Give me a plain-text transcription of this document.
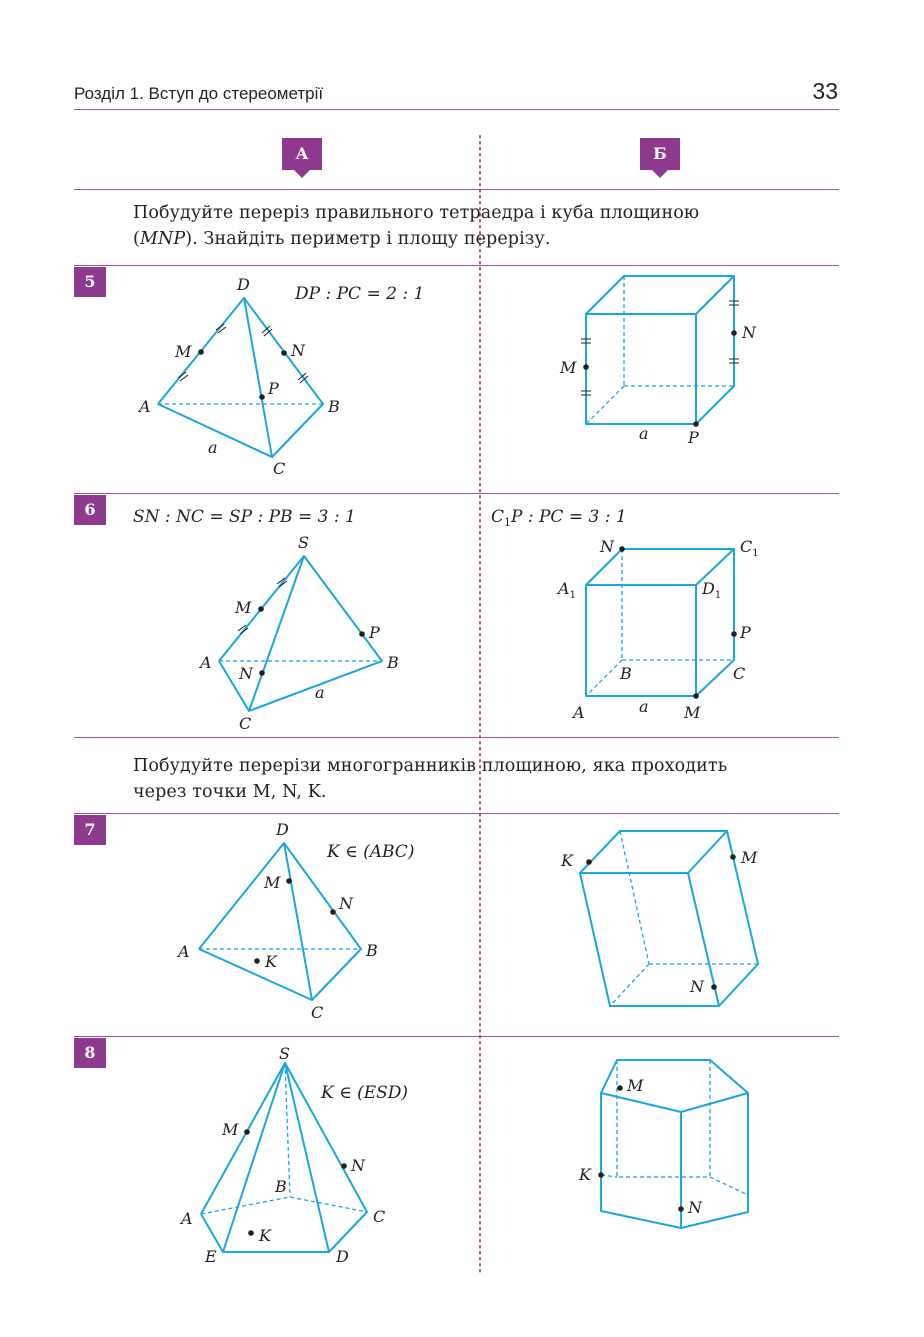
Розділ 1. Вступ до стереометрії	33
А	Б
Побудуйте переріз правильного тетраедра і куба площиною
(MNP). Знайдіть периметр і площу перерізу.
5
DP : PC = 2 : 1
D
M	N
P
A	B
C
a
M
N
P
a
6	SN : NC = SP : PB = 3 : 1	$C_1P$ : PC = 3 : 1
S
M
P
A	B
N
C
a
N	$C_1$
$A_1$	$D_1$
P
B	C
A	a M
Побудуйте перерізи многогранників площиною, яка проходить
через точки M, N, K.
7
K ∈ (ABC)
D
M
N
A	B
K
C
K	M
N
8
K ∈ (ESD)
S
M
N
B
A	C
K
E	D
M
K
N
